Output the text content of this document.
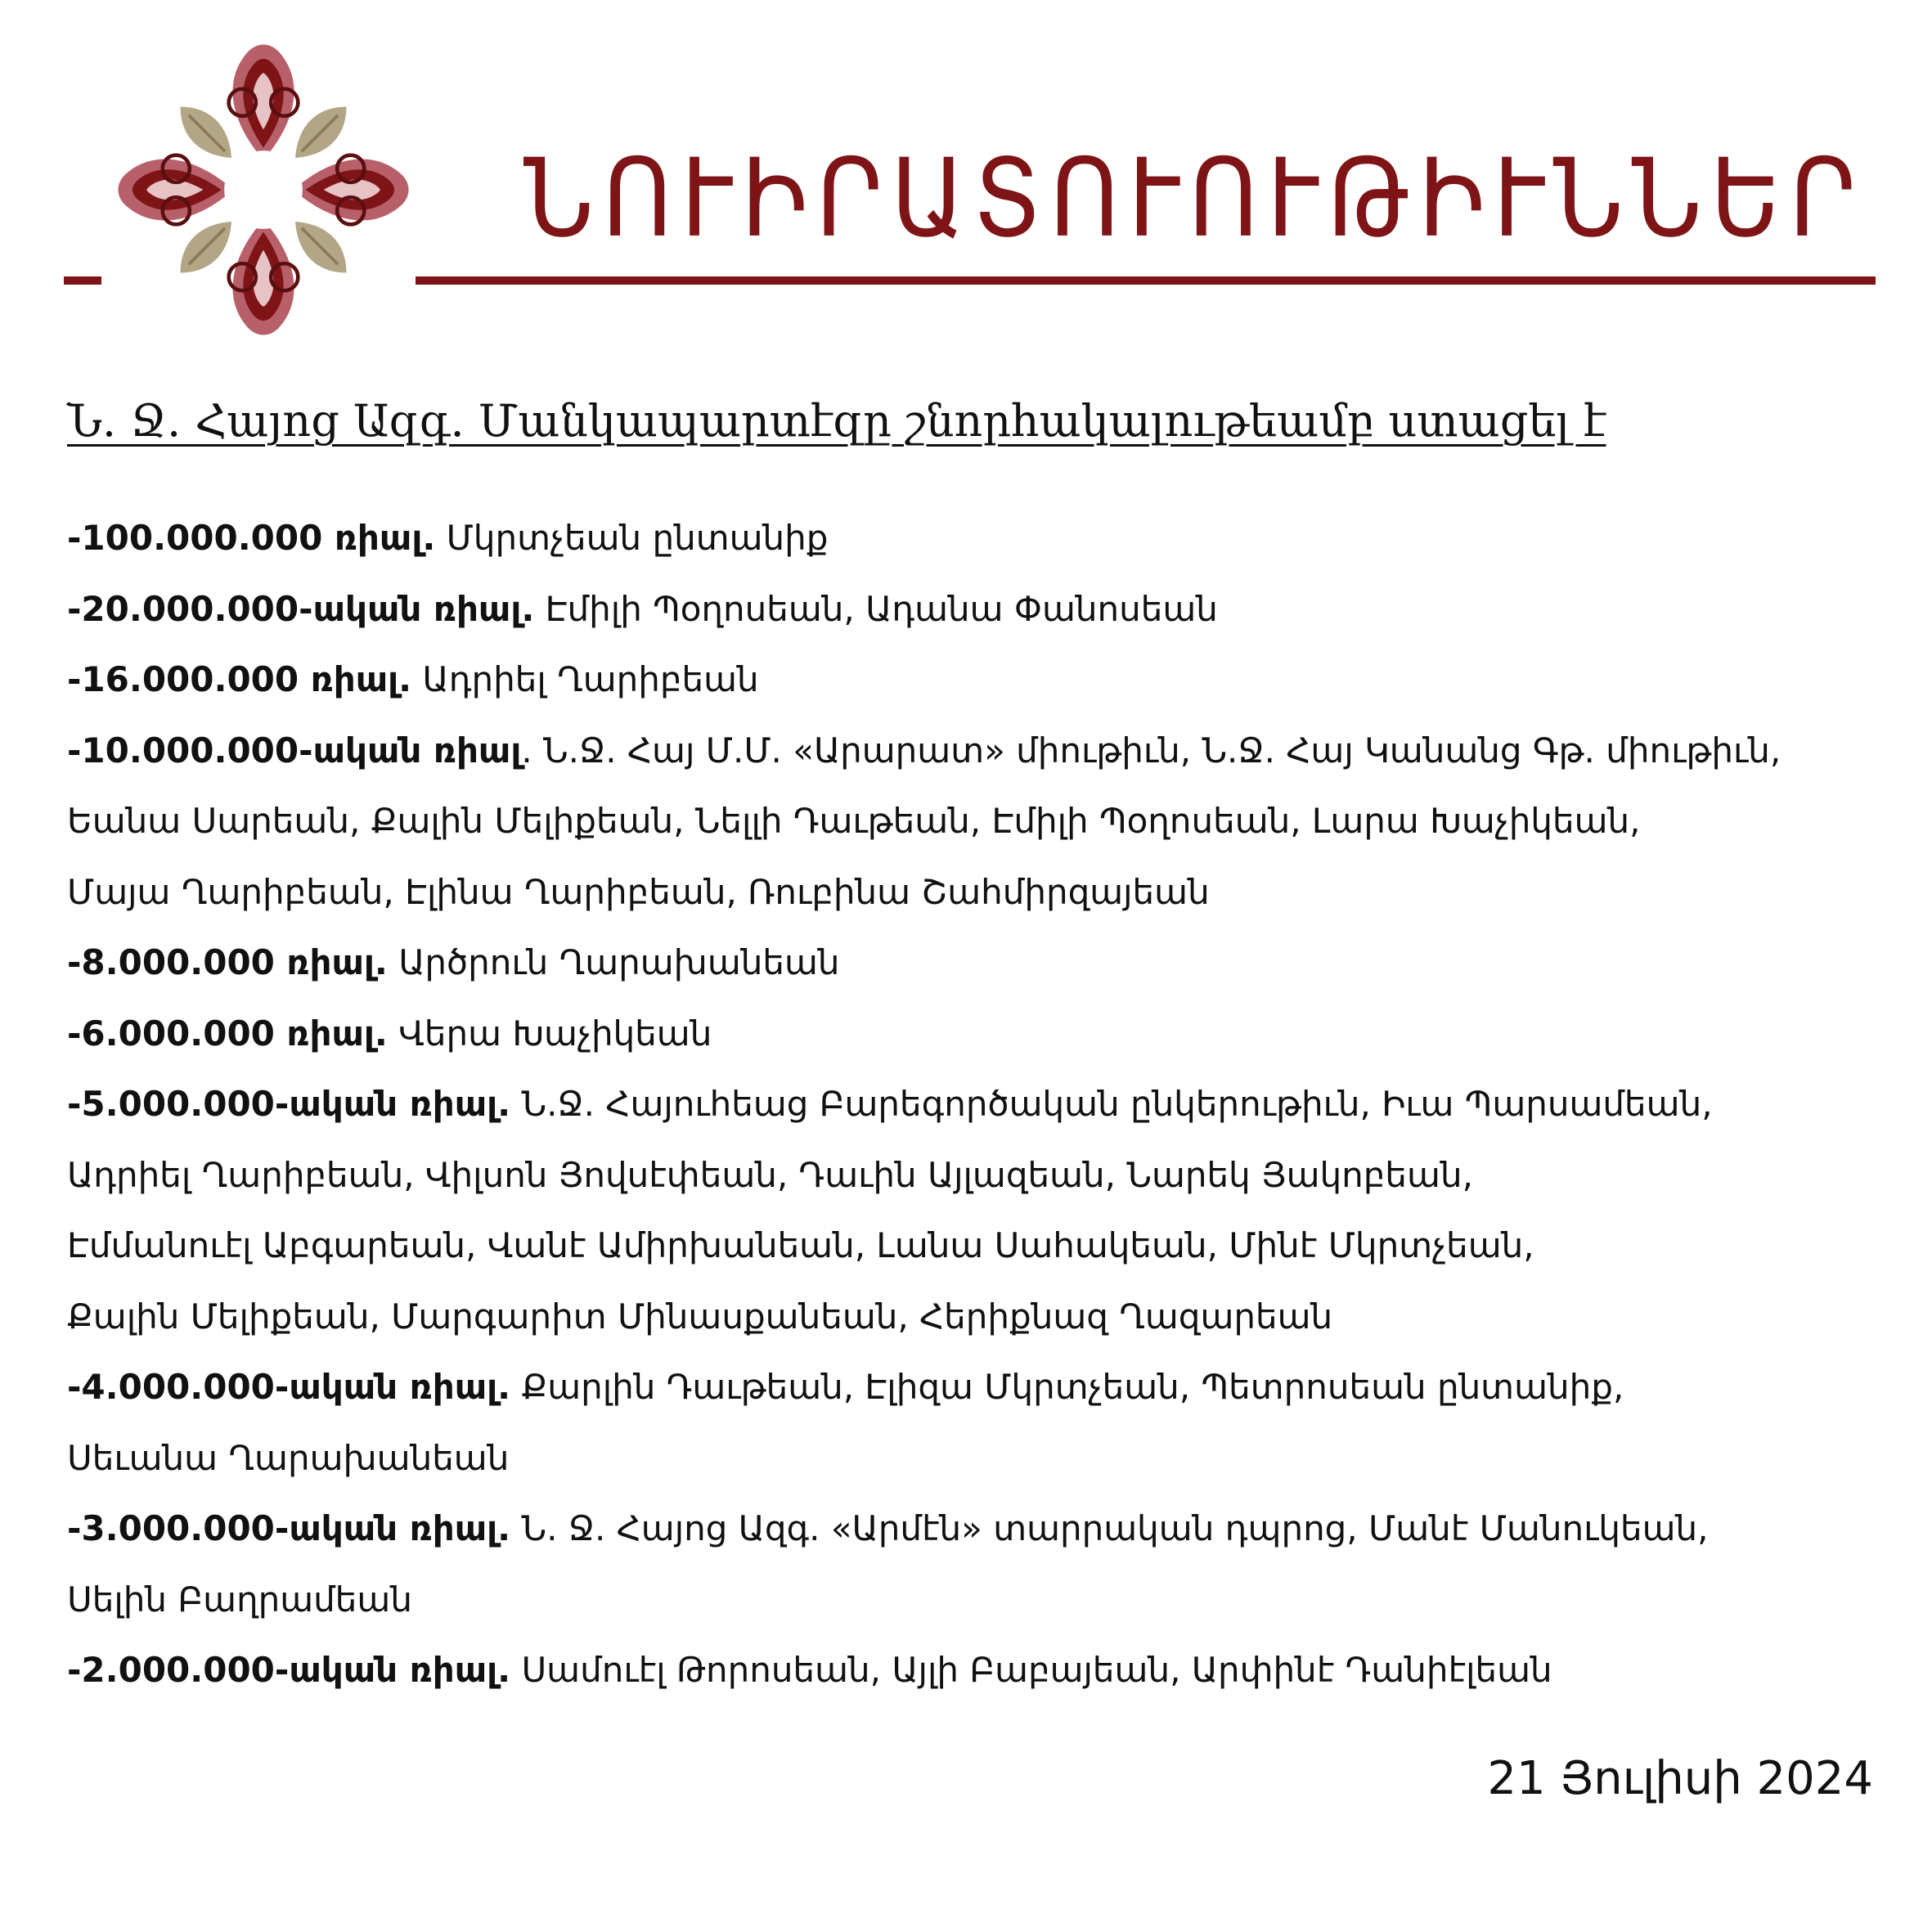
ՆՈՒԻՐԱՏՈՒՈՒԹԻՒՆՆԵՐ
Ն. Ջ. Հայոց Ազգ. Մանկապարտէզը շնորհակալութեամբ ստացել է
-100.000.000 ռիալ. Մկրտչեան ընտանիք
-20.000.000-ական ռիալ. Էմիլի Պօղոսեան, Ադանա Փանոսեան
-16.000.000 ռիալ. Ադրիել Ղարիբեան
-10.000.000-ական ռիալ. Ն.Ջ. Հայ Մ.Մ. «Արարատ» միութիւն, Ն.Ջ. Հայ Կանանց Գթ. միութիւն,
Եանա Սարեան, Քալին Մելիքեան, Նելլի Դաւթեան, Էմիլի Պօղոսեան, Լարա Խաչիկեան,
Մայա Ղարիբեան, Էլինա Ղարիբեան, Ռուբինա Շահմիրզայեան
-8.000.000 ռիալ. Արծրուն Ղարախանեան
-6.000.000 ռիալ. Վերա Խաչիկեան
-5.000.000-ական ռիալ. Ն.Ջ. Հայուհեաց Բարեգործական ընկերութիւն, Իւա Պարսամեան,
Ադրիել Ղարիբեան, Վիլսոն Յովսէփեան, Դաւին Այլազեան, Նարեկ Յակոբեան,
Էմմանուէլ Աբգարեան, Վանէ Ամիրխանեան, Լանա Սահակեան, Մինէ Մկրտչեան,
Քալին Մելիքեան, Մարգարիտ Մինասքանեան, Հերիքնազ Ղազարեան
-4.000.000-ական ռիալ. Քարլին Դաւթեան, Էլիզա Մկրտչեան, Պետրոսեան ընտանիք,
Սեւանա Ղարախանեան
-3.000.000-ական ռիալ. Ն. Ջ. Հայոց Ազգ. «Արմէն» տարրական դպրոց, Մանէ Մանուկեան,
Սելին Բաղրամեան
-2.000.000-ական ռիալ. Սամուէլ Թորոսեան, Այլի Բաբայեան, Արփինէ Դանիէլեան
21 Յուլիսի 2024
